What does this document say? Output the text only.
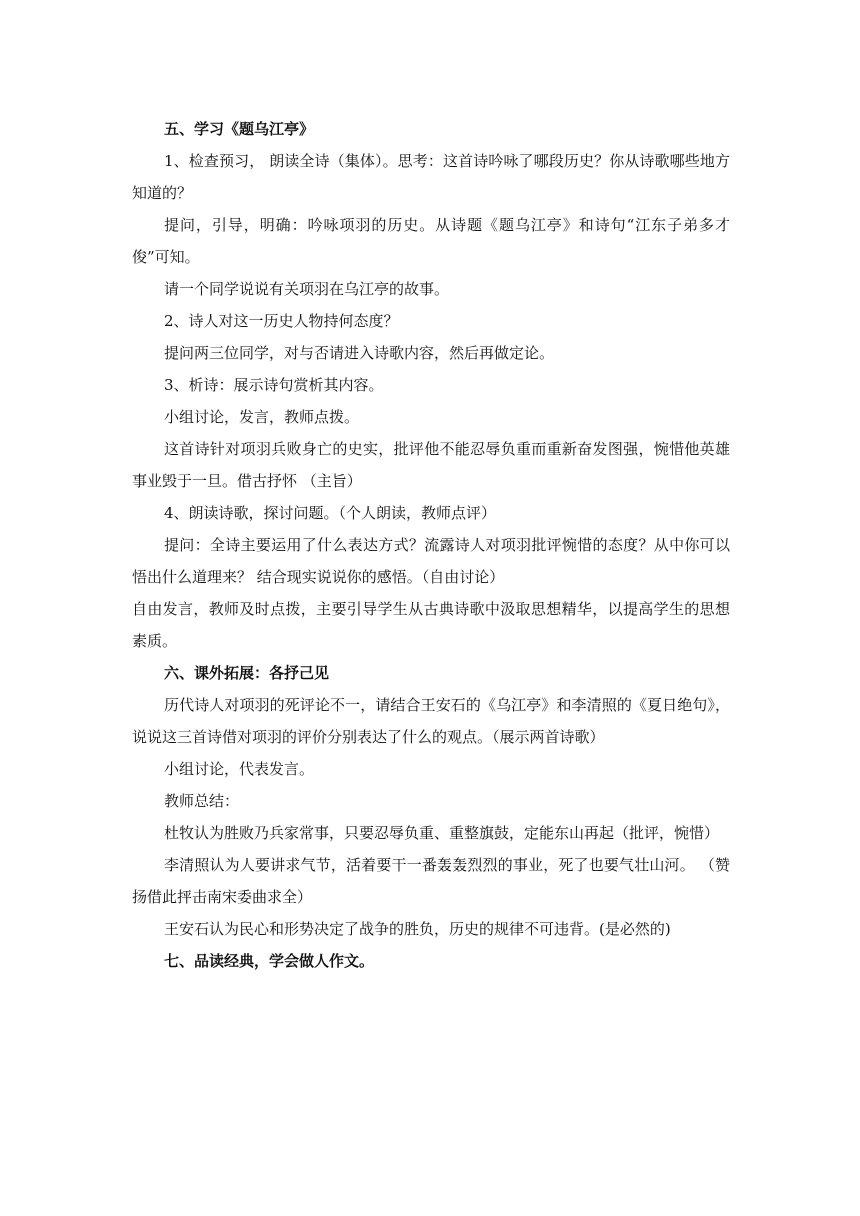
五、学习《题乌江亭》

1、检查预习， 朗读全诗（集体）。思考：这首诗吟咏了哪段历史？你从诗歌哪些地方知道的？

提问，引导，明确：吟咏项羽的历史。从诗题《题乌江亭》和诗句“江东子弟多才俊”可知。

请一个同学说说有关项羽在乌江亭的故事。

2、诗人对这一历史人物持何态度？

提问两三位同学，对与否请进入诗歌内容，然后再做定论。

3、析诗：展示诗句赏析其内容。

小组讨论，发言，教师点拨。

这首诗针对项羽兵败身亡的史实，批评他不能忍辱负重而重新奋发图强，惋惜他英雄事业毁于一旦。借古抒怀 （主旨）

4、朗读诗歌，探讨问题。（个人朗读，教师点评）

提问：全诗主要运用了什么表达方式？流露诗人对项羽批评惋惜的态度？从中你可以悟出什么道理来？ 结合现实说说你的感悟。（自由讨论）

自由发言，教师及时点拨，主要引导学生从古典诗歌中汲取思想精华，以提高学生的思想素质。

六、课外拓展：各抒己见

历代诗人对项羽的死评论不一，请结合王安石的《乌江亭》和李清照的《夏日绝句》，说说这三首诗借对项羽的评价分别表达了什么的观点。（展示两首诗歌）

小组讨论，代表发言。

教师总结：

杜牧认为胜败乃兵家常事，只要忍辱负重、重整旗鼓，定能东山再起（批评，惋惜）

李清照认为人要讲求气节，活着要干一番轰轰烈烈的事业，死了也要气壮山河。 （赞扬借此抨击南宋委曲求全）

王安石认为民心和形势决定了战争的胜负，历史的规律不可违背。(是必然的)

七、品读经典，学会做人作文。
